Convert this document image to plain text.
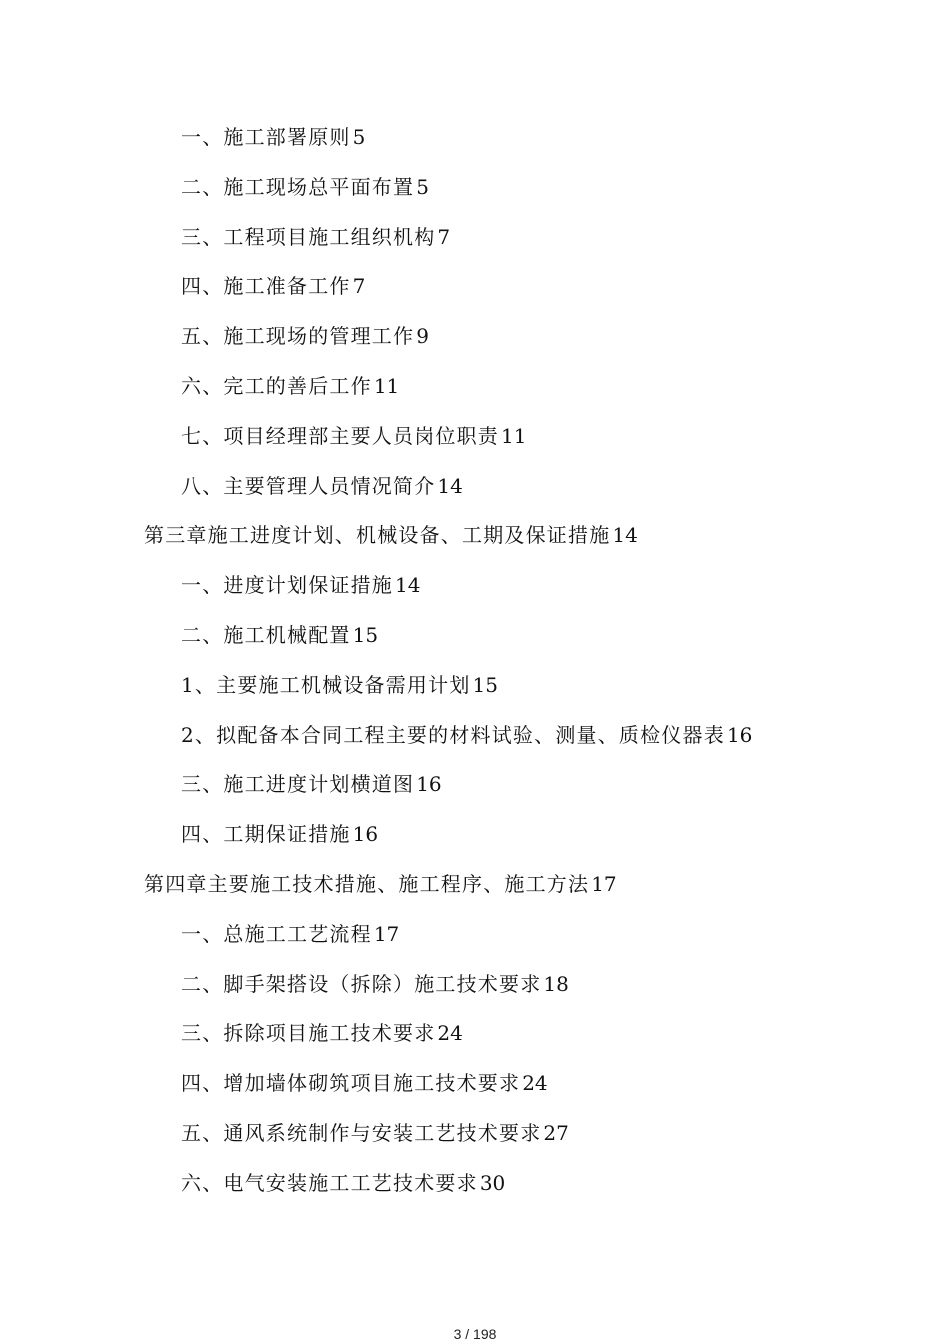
一、施工部署原则 5
二、施工现场总平面布置 5
三、工程项目施工组织机构 7
四、施工准备工作 7
五、施工现场的管理工作 9
六、完工的善后工作 11
七、项目经理部主要人员岗位职责 11
八、主要管理人员情况简介 14
第三章施工进度计划、机械设备、工期及保证措施 14
一、进度计划保证措施 14
二、施工机械配置 15
1、主要施工机械设备需用计划 15
2、拟配备本合同工程主要的材料试验、测量、质检仪器表 16
三、施工进度计划横道图 16
四、工期保证措施 16
第四章主要施工技术措施、施工程序、施工方法 17
一、总施工工艺流程 17
二、脚手架搭设（拆除）施工技术要求 18
三、拆除项目施工技术要求 24
四、增加墙体砌筑项目施工技术要求 24
五、通风系统制作与安装工艺技术要求 27
六、电气安装施工工艺技术要求 30
3 / 198
